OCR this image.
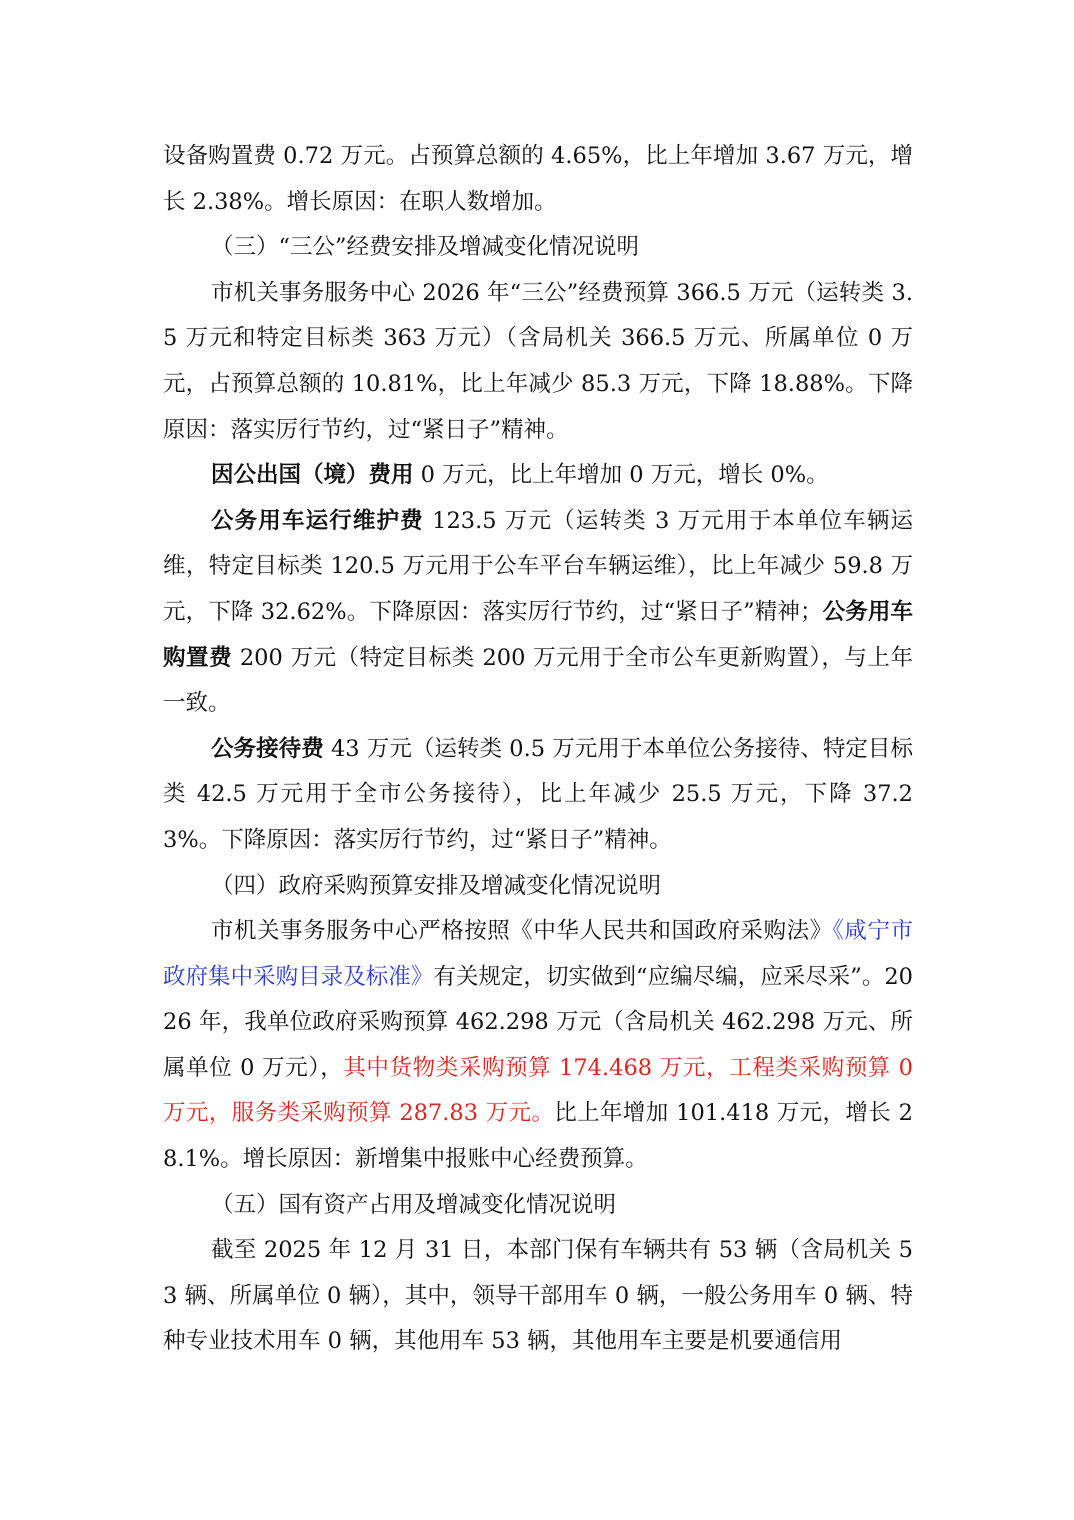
设备购置费 0.72 万元。占预算总额的 4.65%，比上年增加 3.67 万元，增长 2.38%。增长原因：在职人数增加。

（三）“三公”经费安排及增减变化情况说明

市机关事务服务中心 2026 年“三公”经费预算 366.5 万元（运转类 3.5 万元和特定目标类 363 万元）（含局机关 366.5 万元、所属单位 0 万元，占预算总额的 10.81%，比上年减少 85.3 万元，下降 18.88%。下降原因：落实厉行节约，过“紧日子”精神。

因公出国（境）费用 0 万元，比上年增加 0 万元，增长 0%。

公务用车运行维护费 123.5 万元（运转类 3 万元用于本单位车辆运维，特定目标类 120.5 万元用于公车平台车辆运维），比上年减少 59.8 万元，下降 32.62%。下降原因：落实厉行节约，过“紧日子”精神；公务用车购置费 200 万元（特定目标类 200 万元用于全市公车更新购置），与上年一致。

公务接待费 43 万元（运转类 0.5 万元用于本单位公务接待、特定目标类 42.5 万元用于全市公务接待），比上年减少 25.5 万元，下降 37.23%。下降原因：落实厉行节约，过“紧日子”精神。

（四）政府采购预算安排及增减变化情况说明

市机关事务服务中心严格按照《中华人民共和国政府采购法》《咸宁市政府集中采购目录及标准》有关规定，切实做到“应编尽编，应采尽采”。2026 年，我单位政府采购预算 462.298 万元（含局机关 462.298 万元、所属单位 0 万元），其中货物类采购预算 174.468 万元，工程类采购预算 0 万元，服务类采购预算 287.83 万元。比上年增加 101.418 万元，增长 28.1%。增长原因：新增集中报账中心经费预算。

（五）国有资产占用及增减变化情况说明

截至 2025 年 12 月 31 日，本部门保有车辆共有 53 辆（含局机关 53 辆、所属单位 0 辆），其中，领导干部用车 0 辆，一般公务用车 0 辆、特种专业技术用车 0 辆，其他用车 53 辆，其他用车主要是机要通信用
